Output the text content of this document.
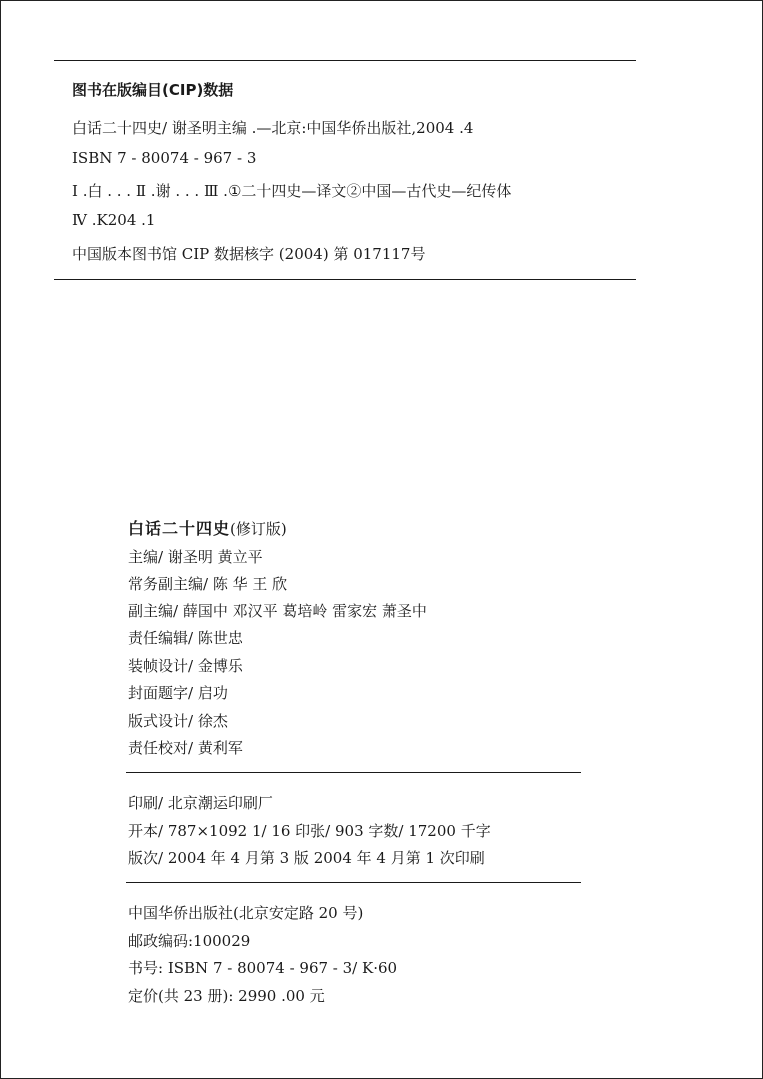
图书在版编目(CIP)数据
白话二十四史/ 谢圣明主编 .—北京:中国华侨出版社,2004 .4
ISBN 7 - 80074 - 967 - 3
Ⅰ .白 . . . Ⅱ .谢 . . . Ⅲ .①二十四史—译文②中国—古代史—纪传体
Ⅳ .K204 .1
中国版本图书馆 CIP 数据核字 (2004) 第 017117号
白话二十四史(修订版)
主编/ 谢圣明 黄立平
常务副主编/ 陈 华 王 欣
副主编/ 薛国中 邓汉平 葛培岭 雷家宏 萧圣中
责任编辑/ 陈世忠
装帧设计/ 金博乐
封面题字/ 启功
版式设计/ 徐杰
责任校对/ 黄利军
印刷/ 北京潮运印刷厂
开本/ 787×1092 1/ 16 印张/ 903 字数/ 17200 千字
版次/ 2004 年 4 月第 3 版 2004 年 4 月第 1 次印刷
中国华侨出版社(北京安定路 20 号)
邮政编码:100029
书号: ISBN 7 - 80074 - 967 - 3/ K·60
定价(共 23 册): 2990 .00 元
